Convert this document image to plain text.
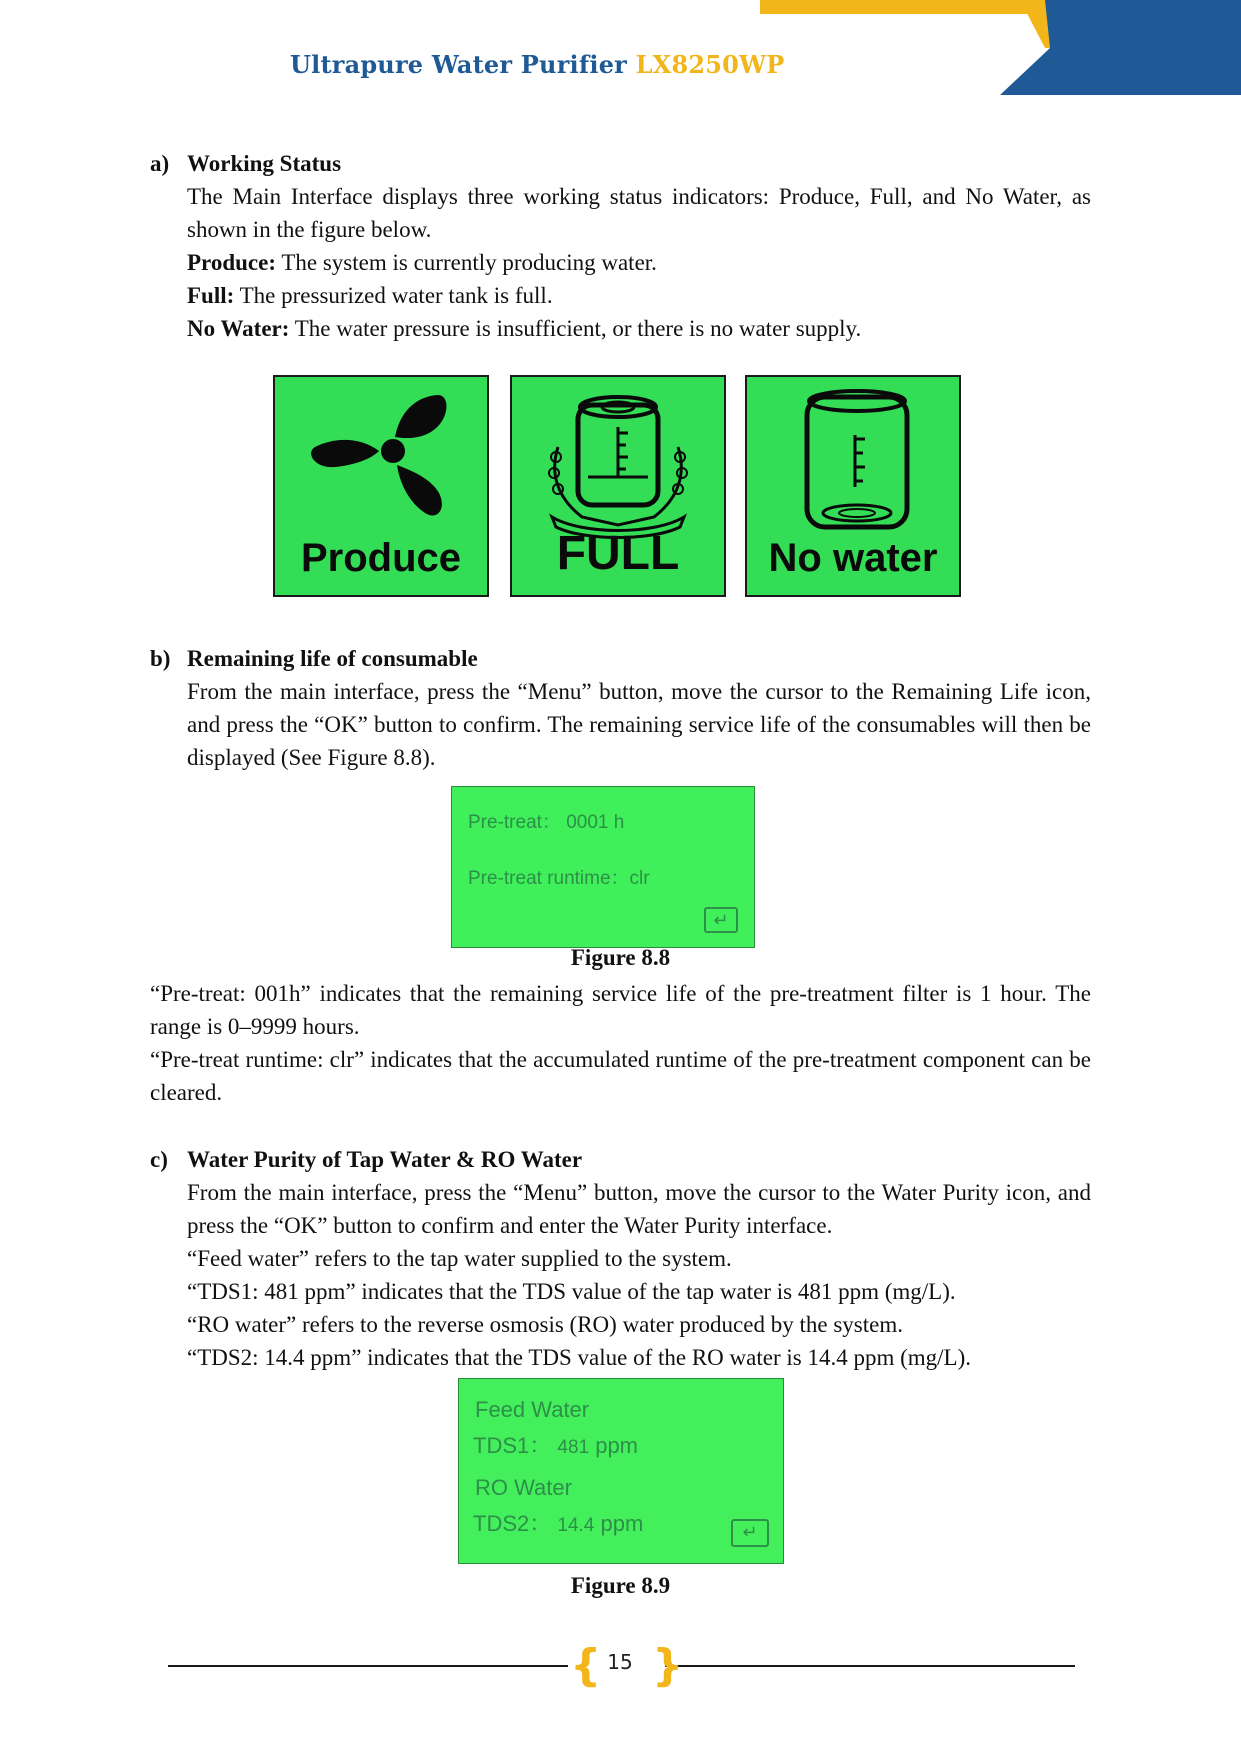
Ultrapure Water Purifier LX8250WP
a) Working Status
The Main Interface displays three working status indicators: Produce, Full, and No Water, as shown in the figure below.
Produce: The system is currently producing water.
Full: The pressurized water tank is full.
No Water: The water pressure is insufficient, or there is no water supply.
Produce	FULL	No water
b) Remaining life of consumable
From the main interface, press the “Menu” button, move the cursor to the Remaining Life icon, and press the “OK” button to confirm. The remaining service life of the consumables will then be displayed (See Figure 8.8).
Pre-treat： 0001 h
Pre-treat runtime：clr
↵
Figure 8.8
“Pre-treat: 001h” indicates that the remaining service life of the pre-treatment filter is 1 hour. The range is 0–9999 hours.
“Pre-treat runtime: clr” indicates that the accumulated runtime of the pre-treatment component can be cleared.
c) Water Purity of Tap Water & RO Water
From the main interface, press the “Menu” button, move the cursor to the Water Purity icon, and press the “OK” button to confirm and enter the Water Purity interface.
“Feed water” refers to the tap water supplied to the system.
“TDS1: 481 ppm” indicates that the TDS value of the tap water is 481 ppm (mg/L).
“RO water” refers to the reverse osmosis (RO) water produced by the system.
“TDS2: 14.4 ppm” indicates that the TDS value of the RO water is 14.4 ppm (mg/L).
Feed Water
TDS1： 481 ppm
RO Water
TDS2： 14.4 ppm	↵
Figure 8.9
{ }
15
